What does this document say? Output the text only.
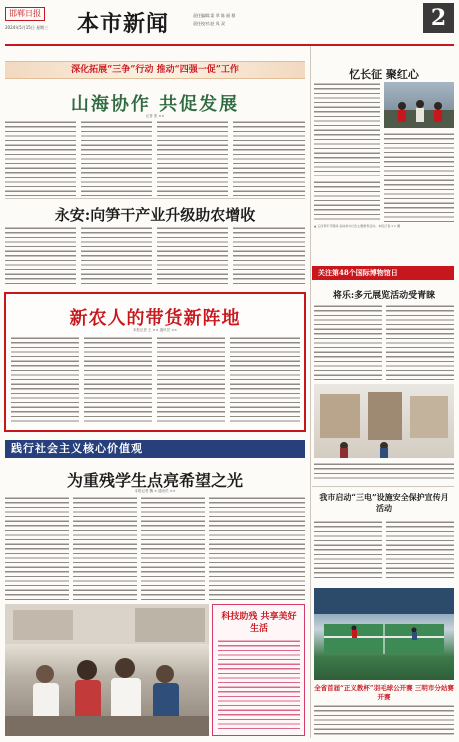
邯郸日报
2024年5月15日 星期三 本市新闻	责任编辑:姜 翠 陈 丽 群
责任校对:赵 凤 双	2
深化拓展“三争”行动 推动“四强一促”工作
山海协作 共促发展
记者 张 ××
永安:向笋干产业升级助农增收
新农人的带货新阵地
本报记者 王 ×× 通讯员 ××
践行社会主义核心价值观
为重残学生点亮希望之光
本报记者 魏 × 通讯员 ××
科技助残 共享美好生活
忆长征 聚红心
▲ 五四青年节期间,各地举办红色主题教育活动。本报记者 ×× 摄
关注第48个国际博物馆日
将乐:多元展览活动受青睐
我市启动“三电”设施安全保护宣传月活动
全省首届“正义教杯”羽毛球公开赛 三明市分站赛开赛
